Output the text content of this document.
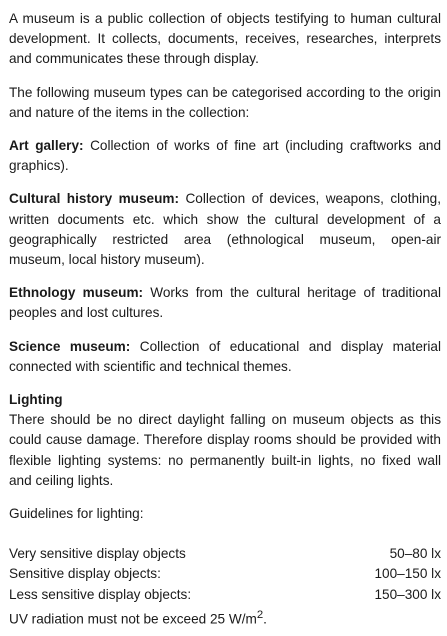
A museum is a public collection of objects testifying to human cultural development. It collects, documents, receives, researches, interprets and communicates these through display.

The following museum types can be categorised according to the origin and nature of the items in the collection:

Art gallery: Collection of works of fine art (including craftworks and graphics).

Cultural history museum: Collection of devices, weapons, clothing, written documents etc. which show the cultural development of a geographically restricted area (ethnological museum, open-air museum, local history museum).

Ethnology museum: Works from the cultural heritage of traditional peoples and lost cultures.

Science museum: Collection of educational and display material connected with scientific and technical themes.

Lighting

There should be no direct daylight falling on museum objects as this could cause damage. Therefore display rooms should be provided with flexible lighting systems: no permanently built-in lights, no fixed wall and ceiling lights.

Guidelines for lighting:

Very sensitive display objects	50–80 lx
Sensitive display objects:	100–150 lx
Less sensitive display objects:	150–300 lx

UV radiation must not be exceed 25 $W/m^2$.
